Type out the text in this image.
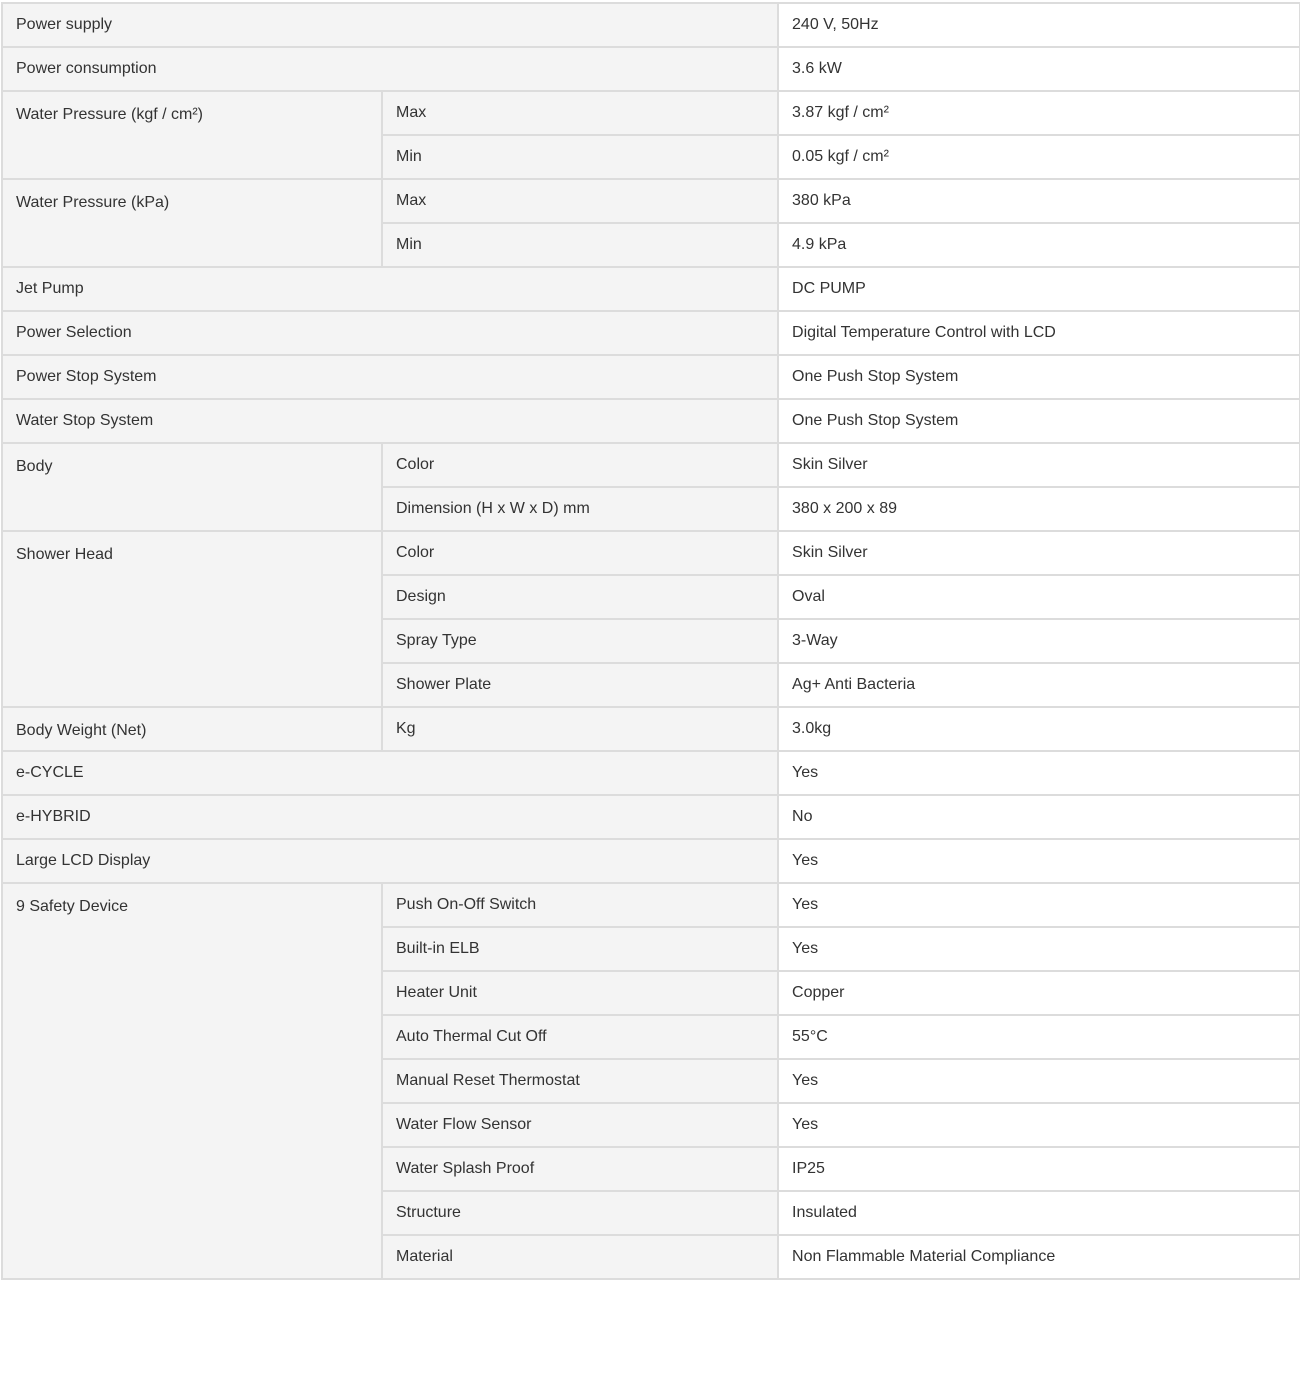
Power supply		240 V, 50Hz
Power consumption		3.6 kW
Water Pressure (kgf / cm²)	Max	3.87 kgf / cm²
	Min	0.05 kgf / cm²
Water Pressure (kPa)	Max	380 kPa
	Min	4.9 kPa
Jet Pump		DC PUMP
Power Selection		Digital Temperature Control with LCD
Power Stop System		One Push Stop System
Water Stop System		One Push Stop System
Body	Color	Skin Silver
	Dimension (H x W x D) mm	380 x 200 x 89
Shower Head	Color	Skin Silver
	Design	Oval
	Spray Type	3-Way
	Shower Plate	Ag+ Anti Bacteria
Body Weight (Net)	Kg	3.0kg
e-CYCLE		Yes
e-HYBRID		No
Large LCD Display		Yes
9 Safety Device	Push On-Off Switch	Yes
	Built-in ELB	Yes
	Heater Unit	Copper
	Auto Thermal Cut Off	55°C
	Manual Reset Thermostat	Yes
	Water Flow Sensor	Yes
	Water Splash Proof	IP25
	Structure	Insulated
	Material	Non Flammable Material Compliance
